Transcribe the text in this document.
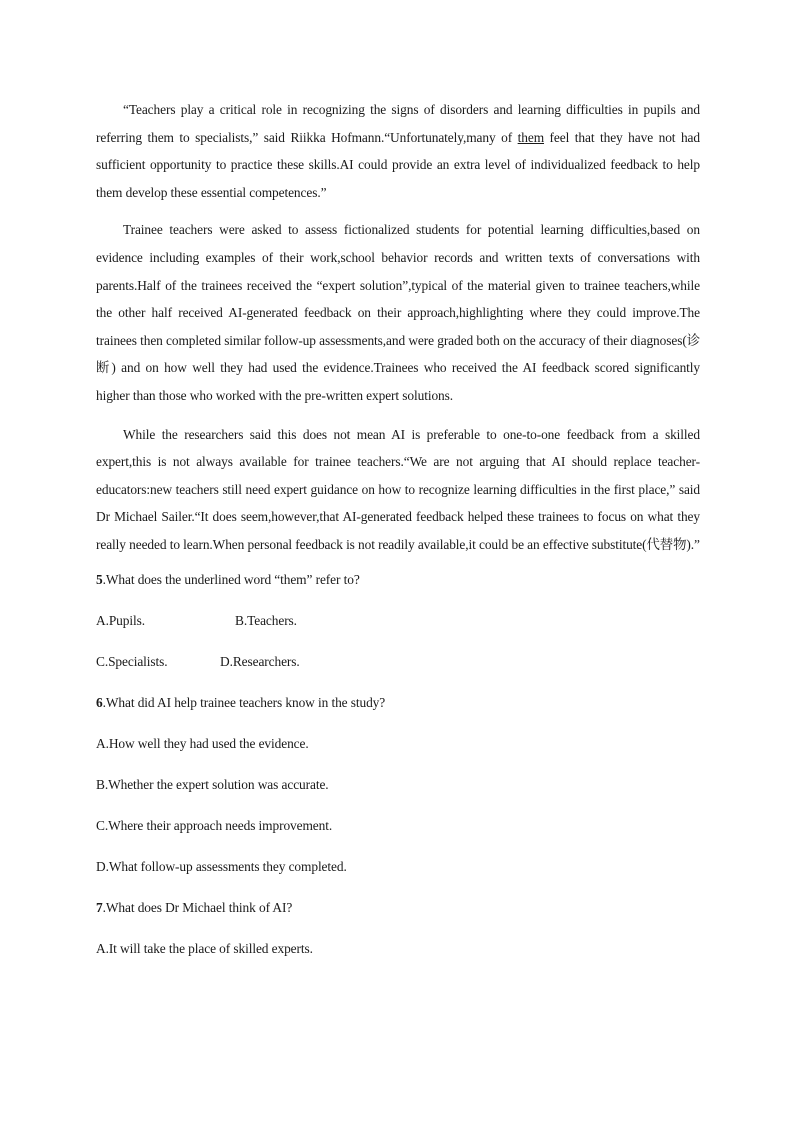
“Teachers play a critical role in recognizing the signs of disorders and learning difficulties in pupils and referring them to specialists,” said Riikka Hofmann.“Unfortunately,many of them feel that they have not had sufficient opportunity to practice these skills.AI could provide an extra level of individualized feedback to help them develop these essential competences.”

Trainee teachers were asked to assess fictionalized students for potential learning difficulties,based on evidence including examples of their work,school behavior records and written texts of conversations with parents.Half of the trainees received the “expert solution”,typical of the material given to trainee teachers,while the other half received AI-generated feedback on their approach,highlighting where they could improve.The trainees then completed similar follow-up assessments,and were graded both on the accuracy of their diagnoses(诊断) and on how well they had used the evidence.Trainees who received the AI feedback scored significantly higher than those who worked with the pre-written expert solutions.

While the researchers said this does not mean AI is preferable to one-to-one feedback from a skilled expert,this is not always available for trainee teachers.“We are not arguing that AI should replace teacher-educators:new teachers still need expert guidance on how to recognize learning difficulties in the first place,” said Dr Michael Sailer.“It does seem,however,that AI-generated feedback helped these trainees to focus on what they really needed to learn.When personal feedback is not readily available,it could be an effective substitute(代替物).”

5.What does the underlined word “them” refer to?

A.Pupils.	B.Teachers.

C.Specialists.	D.Researchers.

6.What did AI help trainee teachers know in the study?

A.How well they had used the evidence.

B.Whether the expert solution was accurate.

C.Where their approach needs improvement.

D.What follow-up assessments they completed.

7.What does Dr Michael think of AI?

A.It will take the place of skilled experts.
